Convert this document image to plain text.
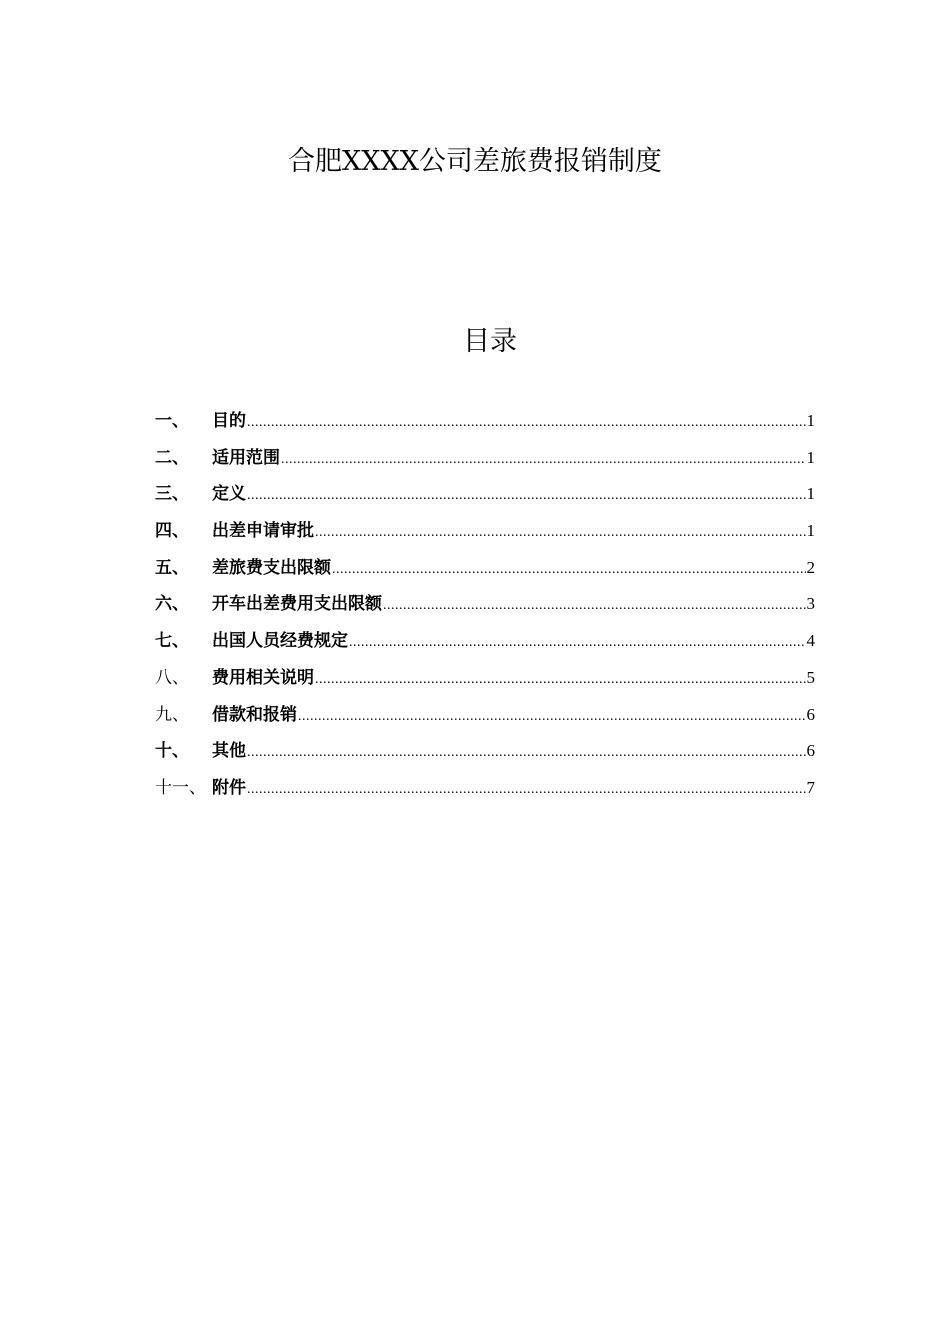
合肥XXXX公司差旅费报销制度
目录
一、	目的 .....	1
二、	适用范围 .....	1
三、	定义 .....	1
四、	出差申请审批 .....	1
五、	差旅费支出限额 .....	2
六、	开车出差费用支出限额 .....	3
七、	出国人员经费规定 .....	4
八、	费用相关说明 .....	5
九、	借款和报销 .....	6
十、	其他 .....	6
十一、 附件 .....	7
